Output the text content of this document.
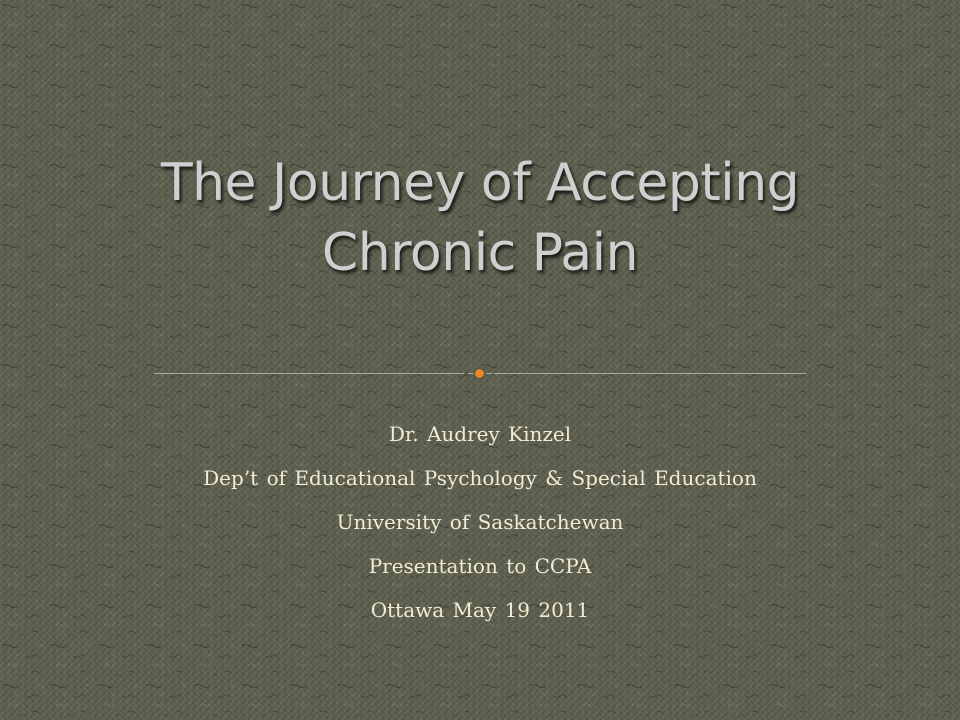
The Journey of Accepting
Chronic Pain
Dr. Audrey Kinzel
Dep’t of Educational Psychology & Special Education
University of Saskatchewan
Presentation to CCPA
Ottawa May 19 2011
